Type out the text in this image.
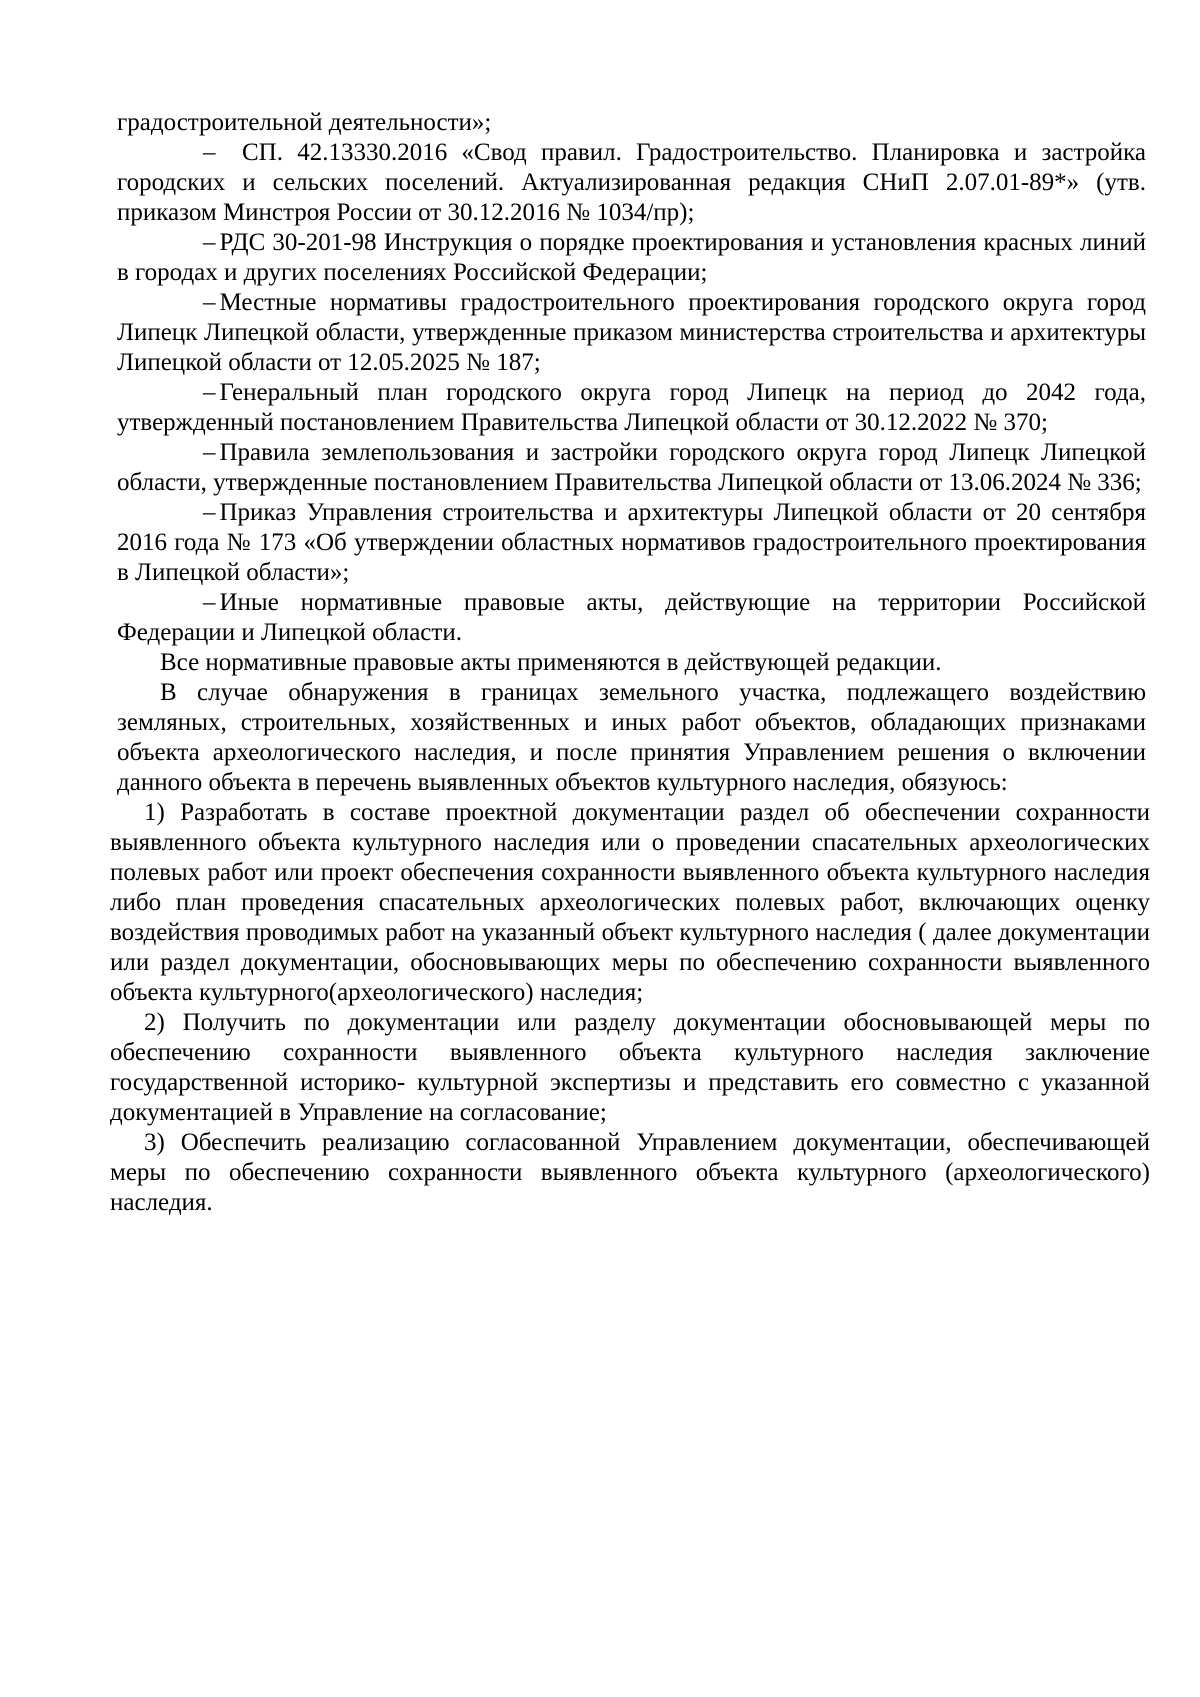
градостроительной деятельности»;

– СП. 42.13330.2016 «Свод правил. Градостроительство. Планировка и застройка городских и сельских поселений. Актуализированная редакция СНиП 2.07.01-89*» (утв. приказом Минстроя России от 30.12.2016 № 1034/пр);

– РДС 30-201-98 Инструкция о порядке проектирования и установления красных линий в городах и других поселениях Российской Федерации;

– Местные нормативы градостроительного проектирования городского округа город Липецк Липецкой области, утвержденные приказом министерства строительства и архитектуры Липецкой области от 12.05.2025 № 187;

– Генеральный план городского округа город Липецк на период до 2042 года, утвержденный постановлением Правительства Липецкой области от 30.12.2022 № 370;

– Правила землепользования и застройки городского округа город Липецк Липецкой области, утвержденные постановлением Правительства Липецкой области от 13.06.2024 № 336;

– Приказ Управления строительства и архитектуры Липецкой области от 20 сентября 2016 года № 173 «Об утверждении областных нормативов градостроительного проектирования в Липецкой области»;

– Иные нормативные правовые акты, действующие на территории Российской Федерации и Липецкой области.

Все нормативные правовые акты применяются в действующей редакции.

В случае обнаружения в границах земельного участка, подлежащего воздействию земляных, строительных, хозяйственных и иных работ объектов, обладающих признаками объекта археологического наследия, и после принятия Управлением решения о включении данного объекта в перечень выявленных объектов культурного наследия, обязуюсь:

1) Разработать в составе проектной документации раздел об обеспечении сохранности выявленного объекта культурного наследия или о проведении спасательных археологических полевых работ или проект обеспечения сохранности выявленного объекта культурного наследия либо план проведения спасательных археологических полевых работ, включающих оценку воздействия проводимых работ на указанный объект культурного наследия ( далее документации или раздел документации, обосновывающих меры по обеспечению сохранности выявленного объекта культурного(археологического) наследия;

2) Получить по документации или разделу документации обосновывающей меры по обеспечению сохранности выявленного объекта культурного наследия заключение государственной историко- культурной экспертизы и представить его совместно с указанной документацией в Управление на согласование;

3) Обеспечить реализацию согласованной Управлением документации, обеспечивающей меры по обеспечению сохранности выявленного объекта культурного (археологического) наследия.
